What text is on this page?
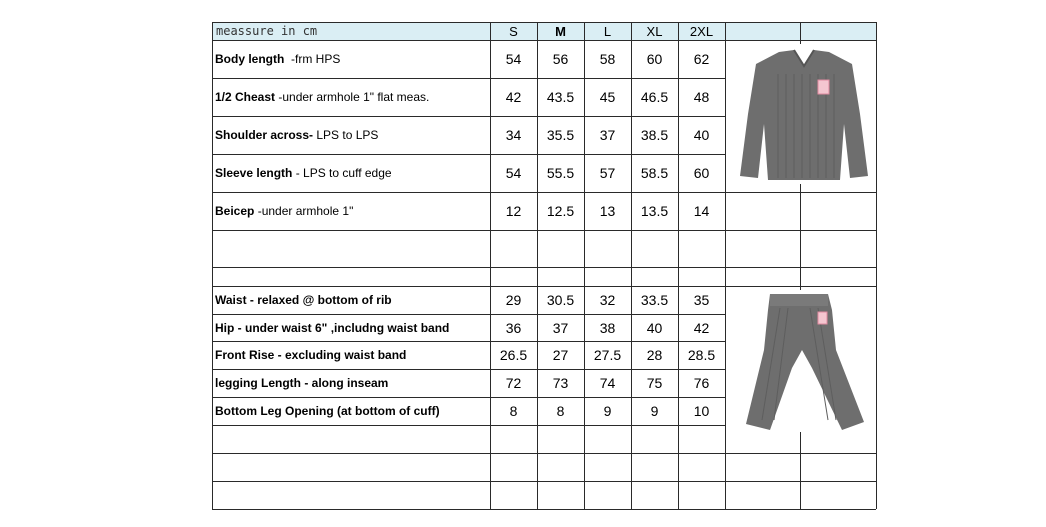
meassure in cm	S	M	L	XL	2XL
Body length -frm HPS	54	56	58	60	62
1/2 Cheast -under armhole 1" flat meas.	42	43.5	45	46.5	48
Shoulder across- LPS to LPS	34	35.5	37	38.5	40
Sleeve length - LPS to cuff edge	54	55.5	57	58.5	60
Beicep -under armhole 1"	12	12.5	13	13.5	14
Waist - relaxed @ bottom of rib	29	30.5	32	33.5	35
Hip - under waist 6" ,includng waist band	36	37	38	40	42
Front Rise - excluding waist band	26.5	27	27.5	28	28.5
legging Length - along inseam	72	73	74	75	76
Bottom Leg Opening (at bottom of cuff)	8	8	9	9	10
